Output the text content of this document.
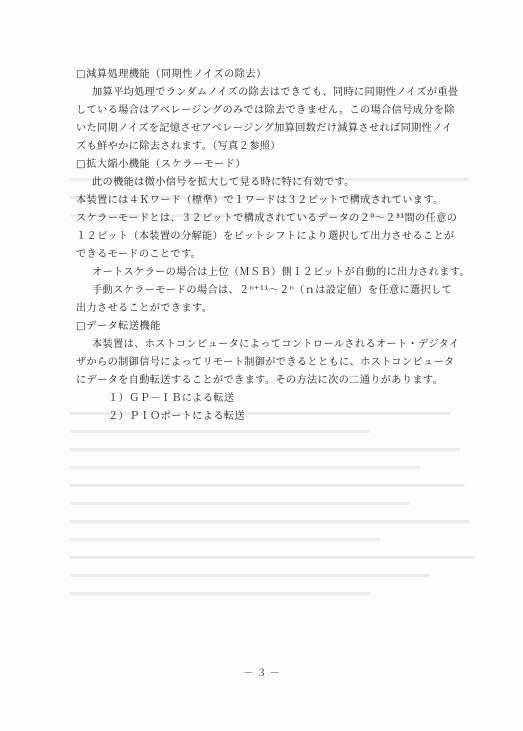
□減算処理機能（同期性ノイズの除去）
加算平均処理でランダムノイズの除去はできても、同時に同期性ノイズが重畳
している場合はアベレージングのみでは除去できません。この場合信号成分を除
いた同期ノイズを記憶させアベレージング加算回数だけ減算させれば同期性ノイ
ズも鮮やかに除去されます。（写真２参照）
□拡大縮小機能（スケラーモード）
此の機能は微小信号を拡大して見る時に特に有効です。
本装置には４Ｋワード（標準）で１ワードは３２ビットで構成されています。
スケラーモードとは、３２ビットで構成されているデータの２⁰～２³¹間の任意の
１２ビット（本装置の分解能）をビットシフトにより選択して出力させることが
できるモードのことです。
オートスケラーの場合は上位（ＭＳＢ）側１２ビットが自動的に出力されます。
手動スケラーモードの場合は、２ⁿ⁺¹¹～２ⁿ（ｎは設定値）を任意に選択して
出力させることができます。
□データ転送機能
本装置は、ホストコンピュータによってコントロールされるオート・デジタイ
ザからの制御信号によってリモート制御ができるとともに、ホストコンピュータ
にデータを自動転送することができます。その方法に次の二通りがあります。
１）ＧＰ－ＩＢによる転送
２）ＰＩＯポートによる転送
－ ３ －
